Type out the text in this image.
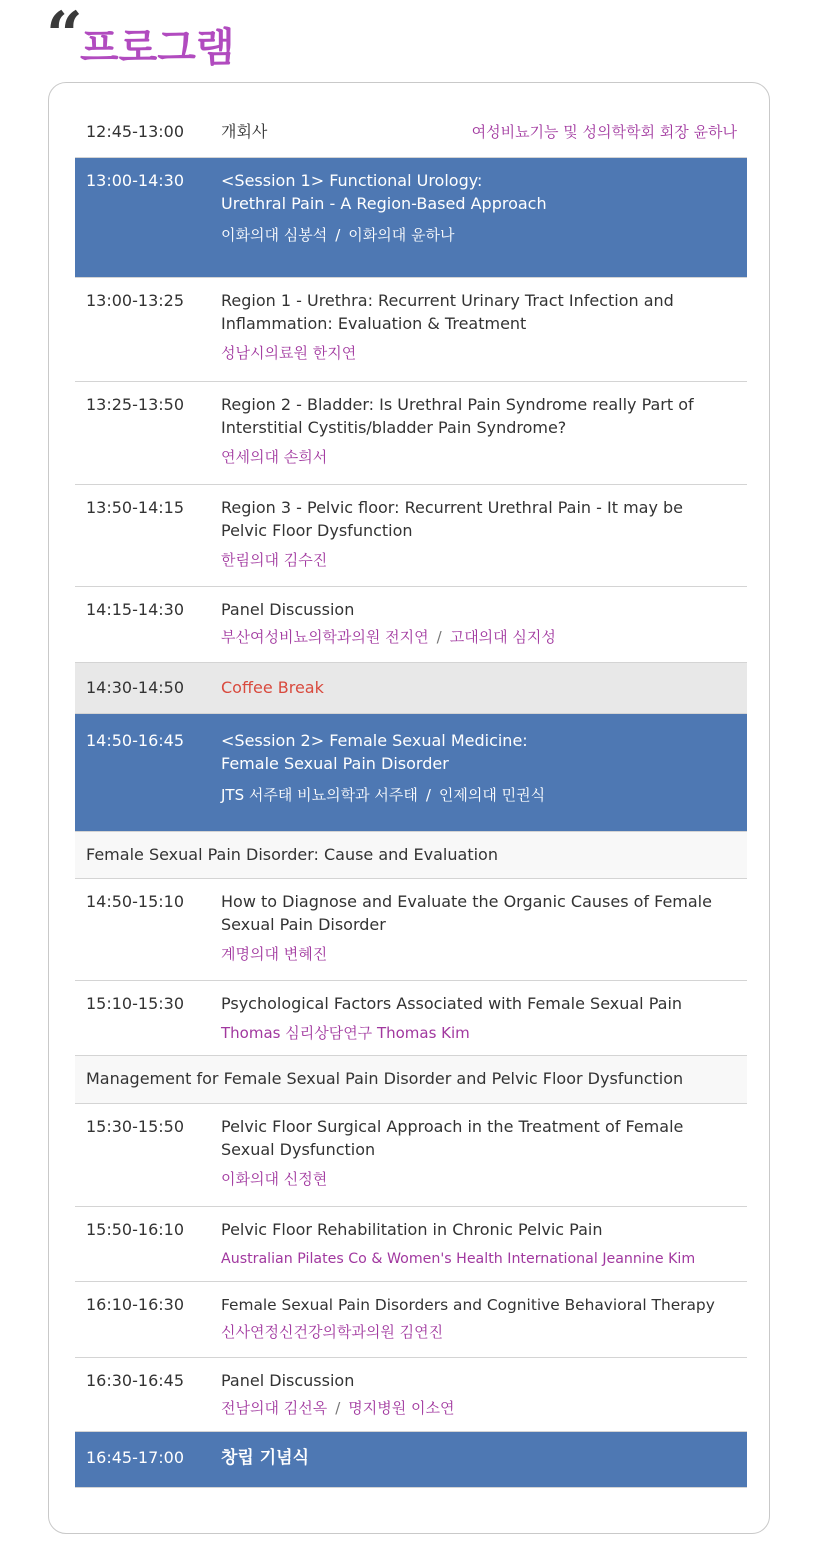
“
프로그램
12:45-13:00 개회사	여성비뇨기능 및 성의학학회 회장 윤하나
13:00-14:30 <Session 1> Functional Urology:
Urethral Pain - A Region-Based Approach
이화의대 심봉석 / 이화의대 윤하나
13:00-13:25 Region 1 - Urethra: Recurrent Urinary Tract Infection and
Inflammation: Evaluation & Treatment
성남시의료원 한지연
13:25-13:50 Region 2 - Bladder: Is Urethral Pain Syndrome really Part of
Interstitial Cystitis/bladder Pain Syndrome?
연세의대 손희서
13:50-14:15 Region 3 - Pelvic floor: Recurrent Urethral Pain - It may be
Pelvic Floor Dysfunction
한림의대 김수진
14:15-14:30 Panel Discussion
부산여성비뇨의학과의원 전지연 / 고대의대 심지성
14:30-14:50 Coffee Break
14:50-16:45 <Session 2> Female Sexual Medicine:
Female Sexual Pain Disorder
JTS 서주태 비뇨의학과 서주태 / 인제의대 민권식
Female Sexual Pain Disorder: Cause and Evaluation
14:50-15:10 How to Diagnose and Evaluate the Organic Causes of Female
Sexual Pain Disorder
계명의대 변혜진
15:10-15:30 Psychological Factors Associated with Female Sexual Pain
Thomas 심리상담연구 Thomas Kim
Management for Female Sexual Pain Disorder and Pelvic Floor Dysfunction
15:30-15:50 Pelvic Floor Surgical Approach in the Treatment of Female
Sexual Dysfunction
이화의대 신정현
15:50-16:10 Pelvic Floor Rehabilitation in Chronic Pelvic Pain
Australian Pilates Co & Women's Health International Jeannine Kim
16:10-16:30 Female Sexual Pain Disorders and Cognitive Behavioral Therapy
신사연정신건강의학과의원 김연진
16:30-16:45 Panel Discussion
전남의대 김선옥 / 명지병원 이소연
16:45-17:00 창립 기념식
